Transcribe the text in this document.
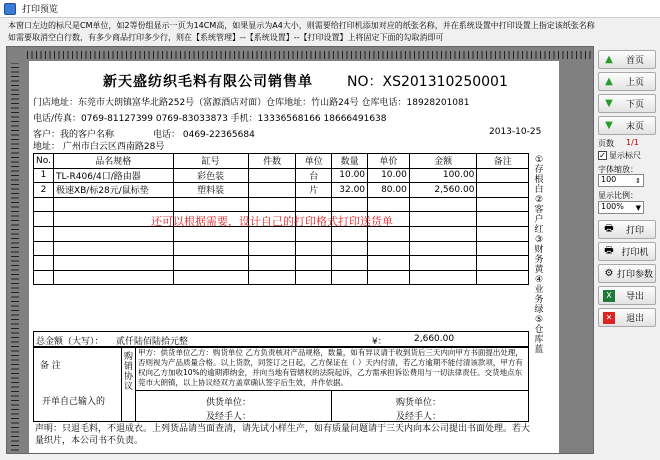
打印预览
本窗口左边的标尺是CM单位，如2等份组显示一页为14CM高，如果显示为A4大小，则需要给打印机添加对应的纸张名称，并在系统设置中打印设置上指定该纸张名称
如需要取消空白行数，有多少商品打印多少行，则在【系统管理】--【系统设置】--【打印设置】上将固定下面的勾取消即可
新天盛纺织毛料有限公司销售单 NO：XS201310250001
门店地址：东莞市大朗镇富华北路252号（富源酒店对面）仓库地址：竹山路24号 仓库电话：18928201081
电话/传真：0769-81127399 0769-83033873 手机：13336568166 18666491638
客户：我的客户名称	电话： 0469-22365684	2013-10-25
地址： 广州市白云区西南路28号
No.	品名规格	缸号	件数	单位	数量	单价	金额	备注
1	TL-R406/4口/路由器	彩色装		台	10.00	10.00	100.00	
2	极速XB/标28元/鼠标垫	塑料装		片	32.00	80.00	2,560.00	

还可以根据需要，设计自己的打印格式打印送货单
①存根白
②客户红
③财务黄
④业务绿
⑤仓库蓝
总金额（大写）： 贰仟陆佰陆拾元整	¥：	2,660.00
备 注
开单自己输入的
购销协议
甲方：供货单位乙方：购货单位 乙方负责核对产品规格，数量，如有异议请于收到货后三天内向甲方书面提出处理，否则视为产品质量合格。以上货款，同签订之日起，乙方保证在（ ）天内付清，若乙方逾期不能付清该款项，甲方有权向乙方加收10%的逾期滞纳金，并向当地有管辖权的法院起诉，乙方需承担诉讼费用与一切法律责任。交货地点东莞市大朗镇，以上协议经双方盖章确认签字后生效，并作依据。
供货单位：
及经手人：
购货单位：
及经手人：
声明：只退毛料，不退成衣。上列货品请当面查清，请先试小样生产，如有质量问题请于三天内向本公司提出书面处理。若大量织片，本公司书不负责。
▲	首页
▲	上页
▼	下页
▼	末页
页数 1/1
✓ 显示标尺
字体缩放：
100	⇕
显示比例：
100% ▼
🖶	打印
🖶 打印机
⚙ 打印参数
X	导出
✕	退出
